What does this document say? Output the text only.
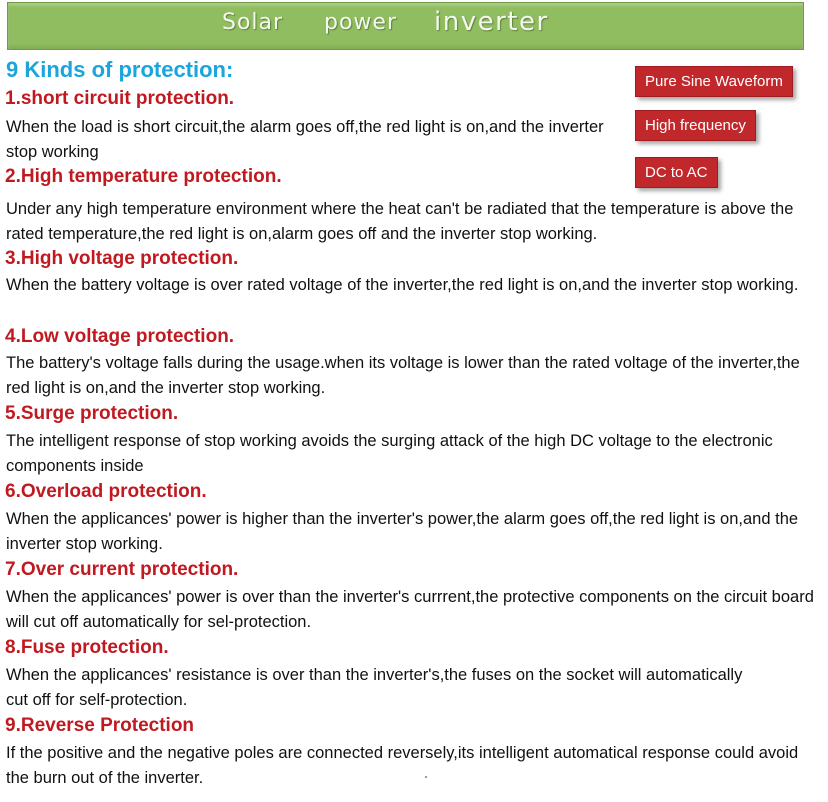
Solar power inverter
9 Kinds of protection:	Pure Sine Waveform
High frequency
DC to AC
1.short circuit protection.
When the load is short circuit,the alarm goes off,the red light is on,and the inverter stop working
2.High temperature protection.
Under any high temperature environment where the heat can't be radiated that the temperature is above the rated temperature,the red light is on,alarm goes off and the inverter stop working.
3.High voltage protection.
When the battery voltage is over rated voltage of the inverter,the red light is on,and the inverter stop working.
4.Low voltage protection.
The battery's voltage falls during the usage.when its voltage is lower than the rated voltage of the inverter,the red light is on,and the inverter stop working.
5.Surge protection.
The intelligent response of stop working avoids the surging attack of the high DC voltage to the electronic components inside
6.Overload protection.
When the applicances' power is higher than the inverter's power,the alarm goes off,the red light is on,and the inverter stop working.
7.Over current protection.
When the applicances' power is over than the inverter's currrent,the protective components on the circuit board will cut off automatically for sel-protection.
8.Fuse protection.
When the applicances' resistance is over than the inverter's,the fuses on the socket will automatically cut off for self-protection.
9.Reverse Protection
If the positive and the negative poles are connected reversely,its intelligent automatical response could avoid the burn out of the inverter.
